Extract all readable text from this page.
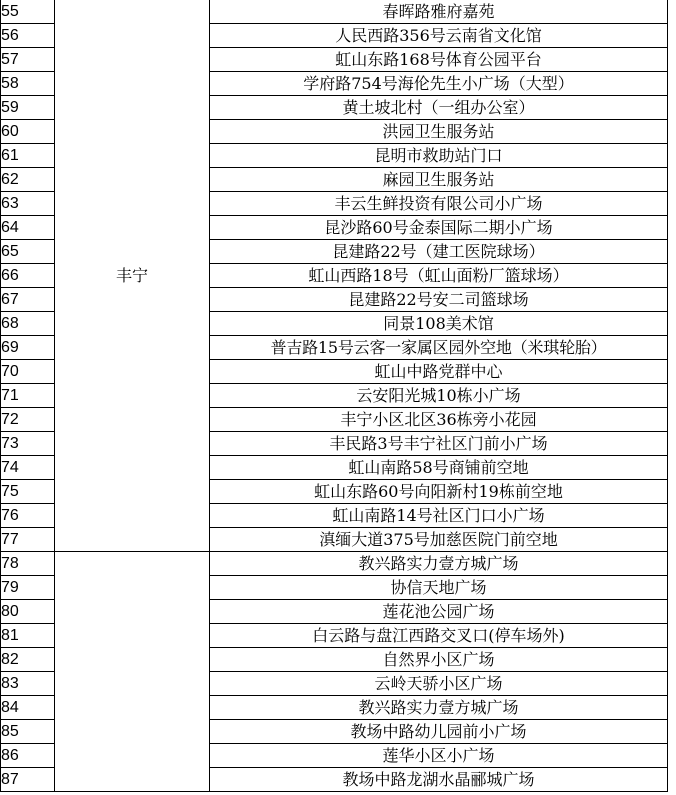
55	丰宁	春晖路雅府嘉苑
56		人民西路356号云南省文化馆
57		虹山东路168号体育公园平台
58		学府路754号海伦先生小广场（大型）
59		黄土坡北村（一组办公室）
60		洪园卫生服务站
61		昆明市救助站门口
62		麻园卫生服务站
63		丰云生鲜投资有限公司小广场
64		昆沙路60号金泰国际二期小广场
65		昆建路22号（建工医院球场）
66		虹山西路18号（虹山面粉厂篮球场）
67		昆建路22号安二司篮球场
68		同景108美术馆
69		普吉路15号云客一家属区园外空地（米琪轮胎）
70		虹山中路党群中心
71		云安阳光城10栋小广场
72		丰宁小区北区36栋旁小花园
73		丰民路3号丰宁社区门前小广场
74		虹山南路58号商铺前空地
75		虹山东路60号向阳新村19栋前空地
76		虹山南路14号社区门口小广场
77		滇缅大道375号加慈医院门前空地
78		教兴路实力壹方城广场
79		协信天地广场
80		莲花池公园广场
81		白云路与盘江西路交叉口(停车场外)
82		自然界小区广场
83		云岭天骄小区广场
84		教兴路实力壹方城广场
85		教场中路幼儿园前小广场
86		莲华小区小广场
87		教场中路龙湖水晶郦城广场
